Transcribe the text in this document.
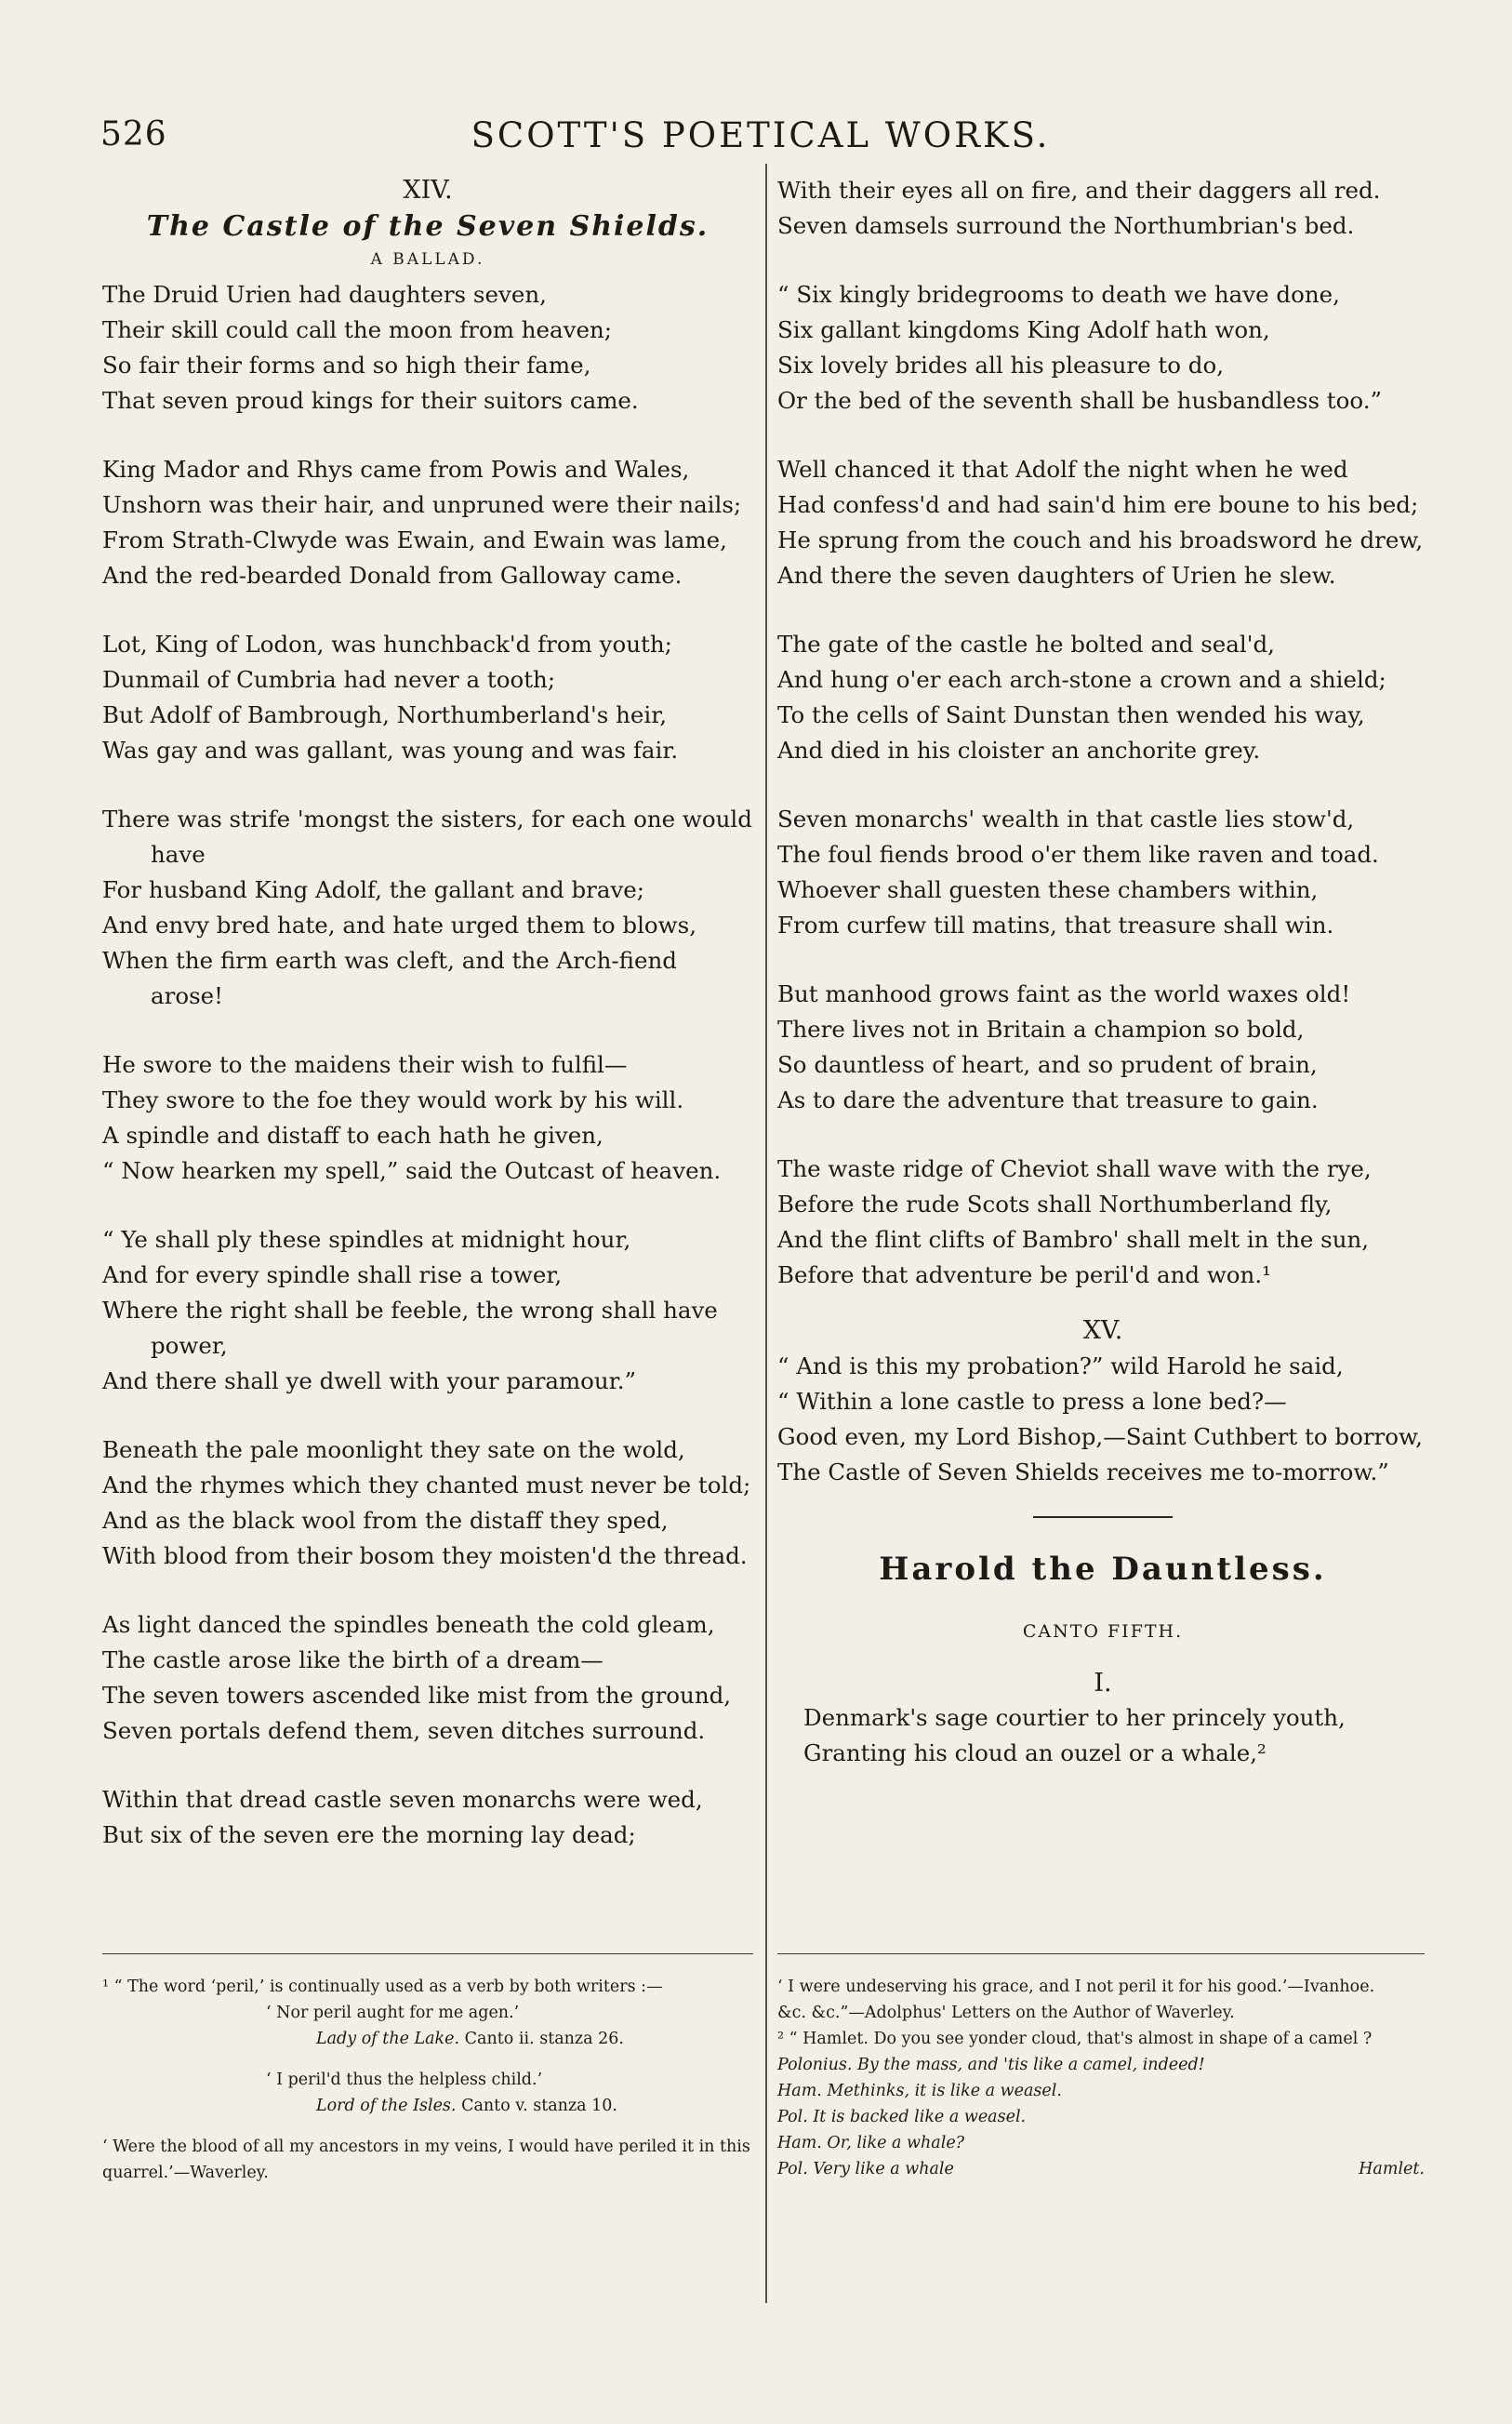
526	SCOTT'S POETICAL WORKS.

XIV.

The Castle of the Seven Shields.

A BALLAD.

The Druid Urien had daughters seven,
Their skill could call the moon from heaven;
So fair their forms and so high their fame,
That seven proud kings for their suitors came.
King Mador and Rhys came from Powis and Wales,
Unshorn was their hair, and unpruned were their nails;
From Strath-Clwyde was Ewain, and Ewain was lame,
And the red-bearded Donald from Galloway came.
Lot, King of Lodon, was hunchback'd from youth;
Dunmail of Cumbria had never a tooth;
But Adolf of Bambrough, Northumberland's heir,
Was gay and was gallant, was young and was fair.
There was strife 'mongst the sisters, for each one would have
For husband King Adolf, the gallant and brave;
And envy bred hate, and hate urged them to blows,
When the firm earth was cleft, and the Arch-fiend arose!
He swore to the maidens their wish to fulfil—
They swore to the foe they would work by his will.
A spindle and distaff to each hath he given,
“ Now hearken my spell,” said the Outcast of heaven.
“ Ye shall ply these spindles at midnight hour,
And for every spindle shall rise a tower,
Where the right shall be feeble, the wrong shall have power,
And there shall ye dwell with your paramour.”
Beneath the pale moonlight they sate on the wold,
And the rhymes which they chanted must never be told;
And as the black wool from the distaff they sped,
With blood from their bosom they moisten'd the thread.
As light danced the spindles beneath the cold gleam,
The castle arose like the birth of a dream—
The seven towers ascended like mist from the ground,
Seven portals defend them, seven ditches surround.
Within that dread castle seven monarchs were wed,
But six of the seven ere the morning lay dead;
With their eyes all on fire, and their daggers all red.
Seven damsels surround the Northumbrian's bed.
“ Six kingly bridegrooms to death we have done,
Six gallant kingdoms King Adolf hath won,
Six lovely brides all his pleasure to do,
Or the bed of the seventh shall be husbandless too.”
Well chanced it that Adolf the night when he wed
Had confess'd and had sain'd him ere boune to his bed;
He sprung from the couch and his broadsword he drew,
And there the seven daughters of Urien he slew.
The gate of the castle he bolted and seal'd,
And hung o'er each arch-stone a crown and a shield;
To the cells of Saint Dunstan then wended his way,
And died in his cloister an anchorite grey.
Seven monarchs' wealth in that castle lies stow'd,
The foul fiends brood o'er them like raven and toad.
Whoever shall guesten these chambers within,
From curfew till matins, that treasure shall win.
But manhood grows faint as the world waxes old!
There lives not in Britain a champion so bold,
So dauntless of heart, and so prudent of brain,
As to dare the adventure that treasure to gain.
The waste ridge of Cheviot shall wave with the rye,
Before the rude Scots shall Northumberland fly,
And the flint clifts of Bambro' shall melt in the sun,
Before that adventure be peril'd and won.¹

XV.

“ And is this my probation?” wild Harold he said,
“ Within a lone castle to press a lone bed?—
Good even, my Lord Bishop,—Saint Cuthbert to borrow,
The Castle of Seven Shields receives me to-morrow.”

Harold the Dauntless.

CANTO FIFTH.

I.

Denmark's sage courtier to her princely youth,
Granting his cloud an ouzel or a whale,²

¹ “ The word ‘peril,’ is continually used as a verb by both writers :—

‘ Nor peril aught for me agen.’

Lady of the Lake. Canto ii. stanza 26.

‘ I peril'd thus the helpless child.’

Lord of the Isles. Canto v. stanza 10.

‘ Were the blood of all my ancestors in my veins, I would have periled it in this quarrel.’—Waverley.

‘ I were undeserving his grace, and I not peril it for his good.’—Ivanhoe.

&c. &c.”—Adolphus' Letters on the Author of Waverley.

² “ Hamlet. Do you see yonder cloud, that's almost in shape of a camel ?

Polonius. By the mass, and 'tis like a camel, indeed!

Ham. Methinks, it is like a weasel.

Pol. It is backed like a weasel.

Ham. Or, like a whale?

Pol. Very like a whale	Hamlet.
